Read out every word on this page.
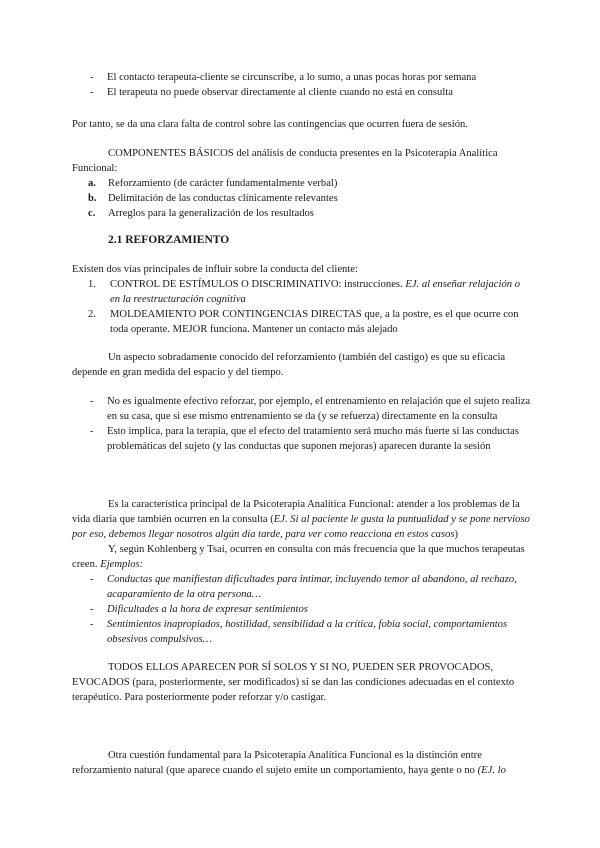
- El contacto terapeuta-cliente se circunscribe, a lo sumo, a unas pocas horas por semana
- El terapeuta no puede observar directamente al cliente cuando no está en consulta
Por tanto, se da una clara falta de control sobre las contingencias que ocurren fuera de sesión.
COMPONENTES BÁSICOS del análisis de conducta presentes en la Psicoterapia Analítica Funcional:
a. Reforzamiento (de carácter fundamentalmente verbal)
b. Delimitación de las conductas clínicamente relevantes
c. Arreglos para la generalización de los resultados
2.1 REFORZAMIENTO
Existen dos vías principales de influir sobre la conducta del cliente:
1. CONTROL DE ESTÍMULOS O DISCRIMINATIVO: instrucciones. EJ. al enseñar relajación o en la reestructuración cognitiva
2. MOLDEAMIENTO POR CONTINGENCIAS DIRECTAS que, a la postre, es el que ocurre con toda operante. MEJOR funciona. Mantener un contacto más alejado
Un aspecto sobradamente conocido del reforzamiento (también del castigo) es que su eficacia depende en gran medida del espacio y del tiempo.
- No es igualmente efectivo reforzar, por ejemplo, el entrenamiento en relajación que el sujeto realiza en su casa, que si ese mismo entrenamiento se da (y se refuerza) directamente en la consulta
- Esto implica, para la terapia, que el efecto del tratamiento será mucho más fuerte si las conductas problemáticas del sujeto (y las conductas que suponen mejoras) aparecen durante la sesión
Es la característica principal de la Psicoterapia Analítica Funcional: atender a los problemas de la vida diaria que también ocurren en la consulta (EJ. Si al paciente le gusta la puntualidad y se pone nervioso por eso, debemos llegar nosotros algún día tarde, para ver como reacciona en estos casos)
Y, según Kohlenberg y Tsai, ocurren en consulta con más frecuencia que la que muchos terapeutas creen. Ejemplos:
- Conductas que manifiestan dificultades para intimar, incluyendo temor al abandono, al rechazo, acaparamiento de la otra persona…
- Dificultades a la hora de expresar sentimientos
- Sentimientos inapropiados, hostilidad, sensibilidad a la crítica, fobia social, comportamientos obsesivos compulsivos…
TODOS ELLOS APARECEN POR SÍ SOLOS Y SI NO, PUEDEN SER PROVOCADOS, EVOCADOS (para, posteriormente, ser modificados) si se dan las condiciones adecuadas en el contexto terapéutico. Para posteriormente poder reforzar y/o castigar.
Otra cuestión fundamental para la Psicoterapia Analítica Funcional es la distinción entre reforzamiento natural (que aparece cuando el sujeto emite un comportamiento, haya gente o no (EJ. lo
